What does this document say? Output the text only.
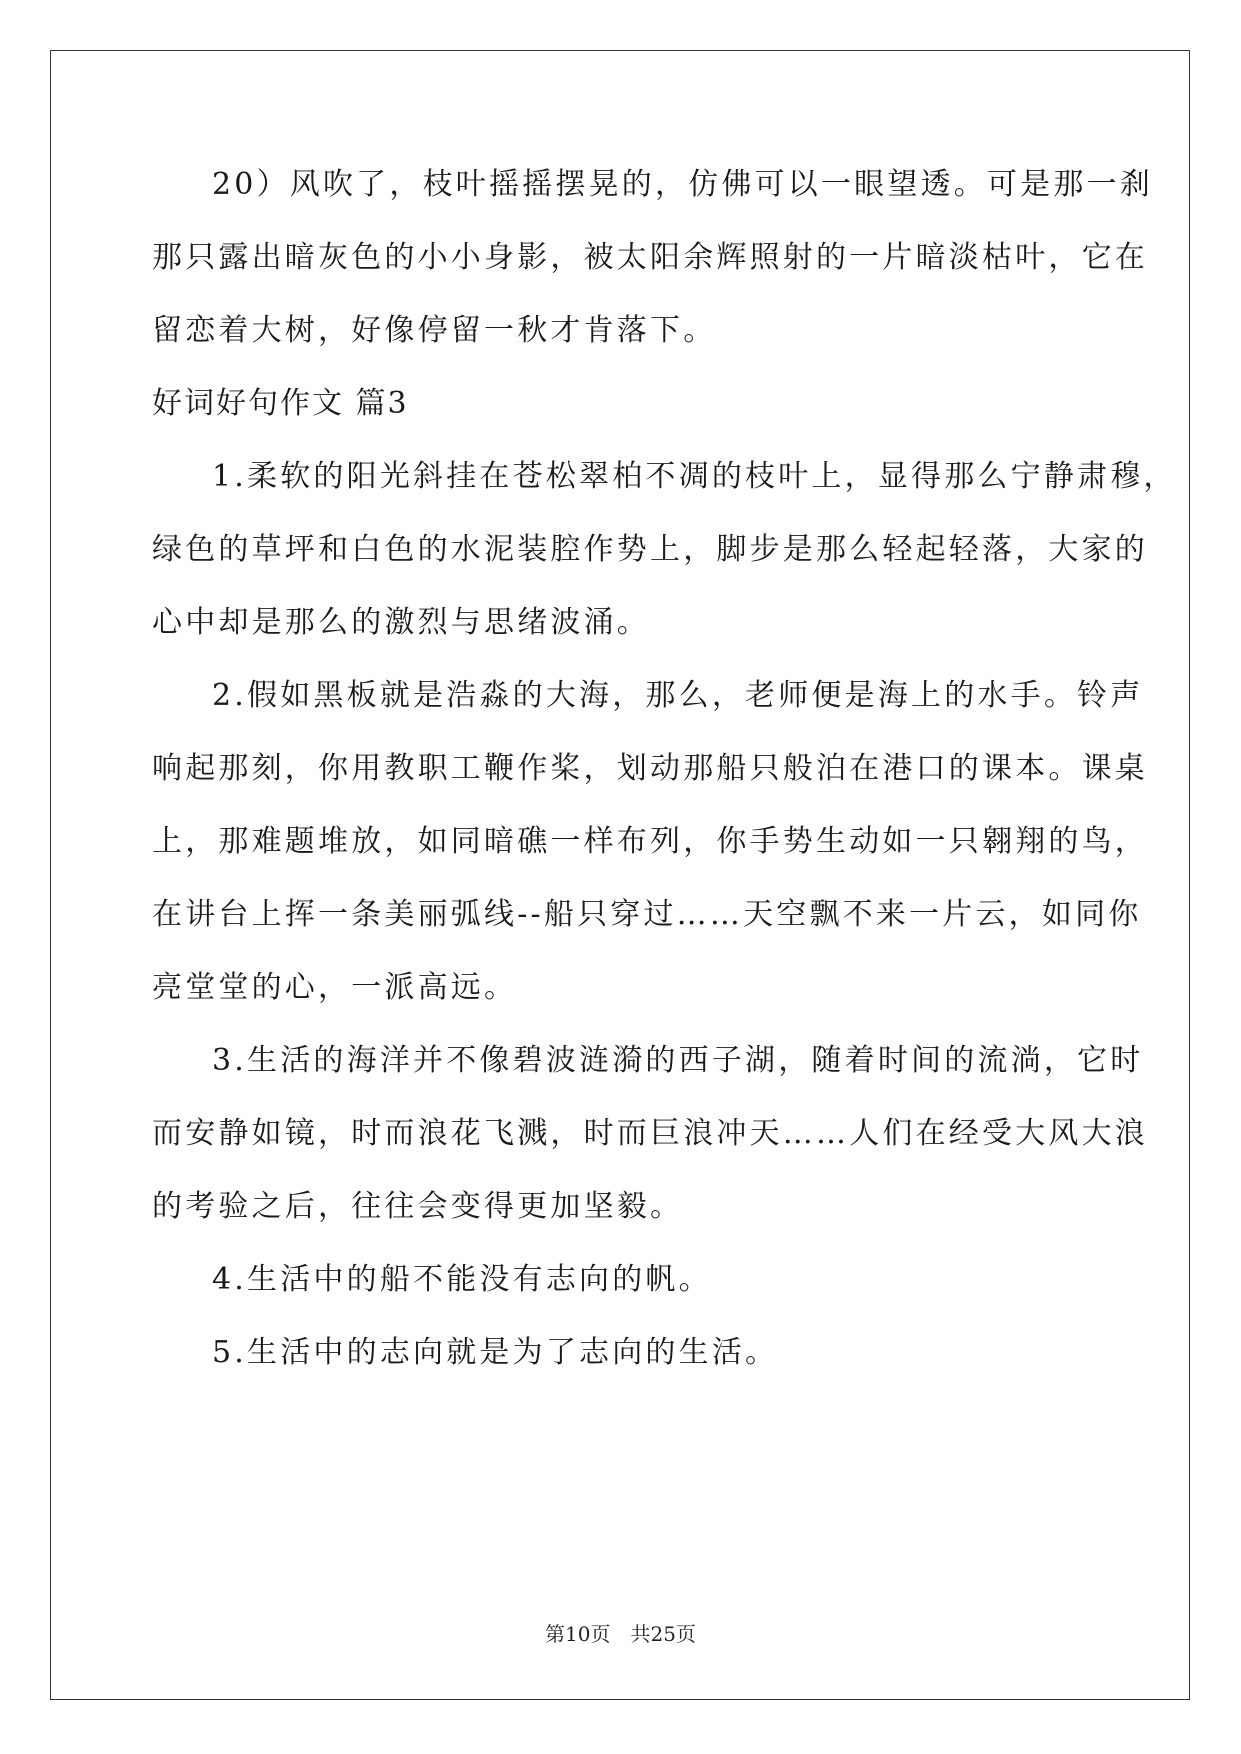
20）风吹了，枝叶摇摇摆晃的，仿佛可以一眼望透。可是那一刹
那只露出暗灰色的小小身影，被太阳余辉照射的一片暗淡枯叶，它在
留恋着大树，好像停留一秋才肯落下。
好词好句作文 篇3
1.柔软的阳光斜挂在苍松翠柏不凋的枝叶上，显得那么宁静肃穆，
绿色的草坪和白色的水泥装腔作势上，脚步是那么轻起轻落，大家的
心中却是那么的激烈与思绪波涌。
2.假如黑板就是浩淼的大海，那么，老师便是海上的水手。铃声
响起那刻，你用教职工鞭作桨，划动那船只般泊在港口的课本。课桌
上，那难题堆放，如同暗礁一样布列，你手势生动如一只翱翔的鸟，
在讲台上挥一条美丽弧线--船只穿过……天空飘不来一片云，如同你
亮堂堂的心，一派高远。
3.生活的海洋并不像碧波涟漪的西子湖，随着时间的流淌，它时
而安静如镜，时而浪花飞溅，时而巨浪冲天……人们在经受大风大浪
的考验之后，往往会变得更加坚毅。
4.生活中的船不能没有志向的帆。
5.生活中的志向就是为了志向的生活。
第10页　共25页
